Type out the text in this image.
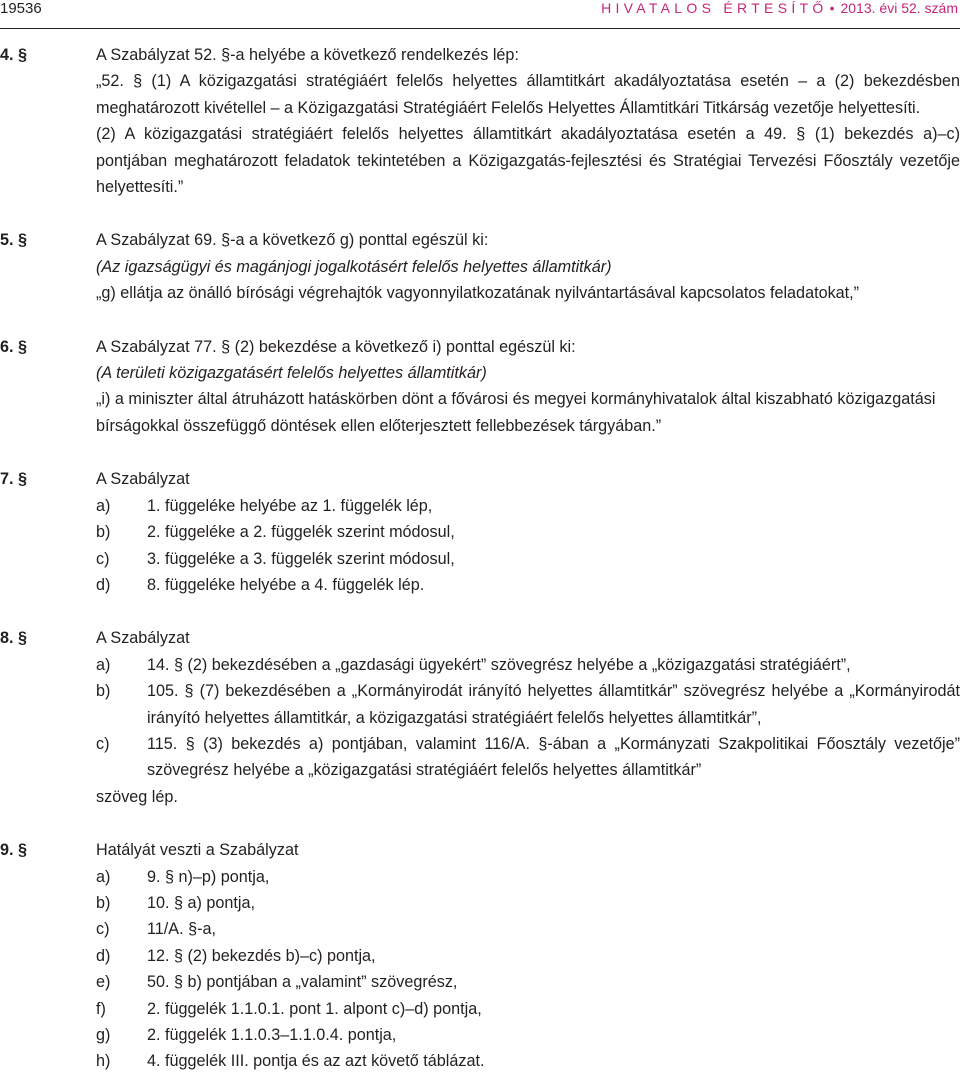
19536	HIVATALOS ÉRTESÍTŐ • 2013. évi 52. szám
4. §	A Szabályzat 52. §-a helyébe a következő rendelkezés lép:
„52. § (1) A közigazgatási stratégiáért felelős helyettes államtitkárt akadályoztatása esetén – a (2) bekezdésben meghatározott kivétellel – a Közigazgatási Stratégiáért Felelős Helyettes Államtitkári Titkárság vezetője helyettesíti.
(2) A közigazgatási stratégiáért felelős helyettes államtitkárt akadályoztatása esetén a 49. § (1) bekezdés a)–c) pontjában meghatározott feladatok tekintetében a Közigazgatás-fejlesztési és Stratégiai Tervezési Főosztály vezetője helyettesíti.”
5. §	A Szabályzat 69. §-a a következő g) ponttal egészül ki:
(Az igazságügyi és magánjogi jogalkotásért felelős helyettes államtitkár)
„g) ellátja az önálló bírósági végrehajtók vagyonnyilatkozatának nyilvántartásával kapcsolatos feladatokat,”
6. §	A Szabályzat 77. § (2) bekezdése a következő i) ponttal egészül ki:
(A területi közigazgatásért felelős helyettes államtitkár)
„i) a miniszter által átruházott hatáskörben dönt a fővárosi és megyei kormányhivatalok által kiszabható közigazgatási bírságokkal összefüggő döntések ellen előterjesztett fellebbezések tárgyában.”
7. §	A Szabályzat
a)	1. függeléke helyébe az 1. függelék lép,
b)	2. függeléke a 2. függelék szerint módosul,
c)	3. függeléke a 3. függelék szerint módosul,
d)	8. függeléke helyébe a 4. függelék lép.
8. §	A Szabályzat
a)	14. § (2) bekezdésében a „gazdasági ügyekért” szövegrész helyébe a „közigazgatási stratégiáért”,
b)	105. § (7) bekezdésében a „Kormányirodát irányító helyettes államtitkár” szövegrész helyébe a „Kormányirodát irányító helyettes államtitkár, a közigazgatási stratégiáért felelős helyettes államtitkár”,
c)	115. § (3) bekezdés a) pontjában, valamint 116/A. §-ában a „Kormányzati Szakpolitikai Főosztály vezetője” szövegrész helyébe a „közigazgatási stratégiáért felelős helyettes államtitkár”
szöveg lép.
9. §	Hatályát veszti a Szabályzat
a)	9. § n)–p) pontja,
b)	10. § a) pontja,
c)	11/A. §-a,
d)	12. § (2) bekezdés b)–c) pontja,
e)	50. § b) pontjában a „valamint” szövegrész,
f)	2. függelék 1.1.0.1. pont 1. alpont c)–d) pontja,
g)	2. függelék 1.1.0.3–1.1.0.4. pontja,
h)	4. függelék III. pontja és az azt követő táblázat.
